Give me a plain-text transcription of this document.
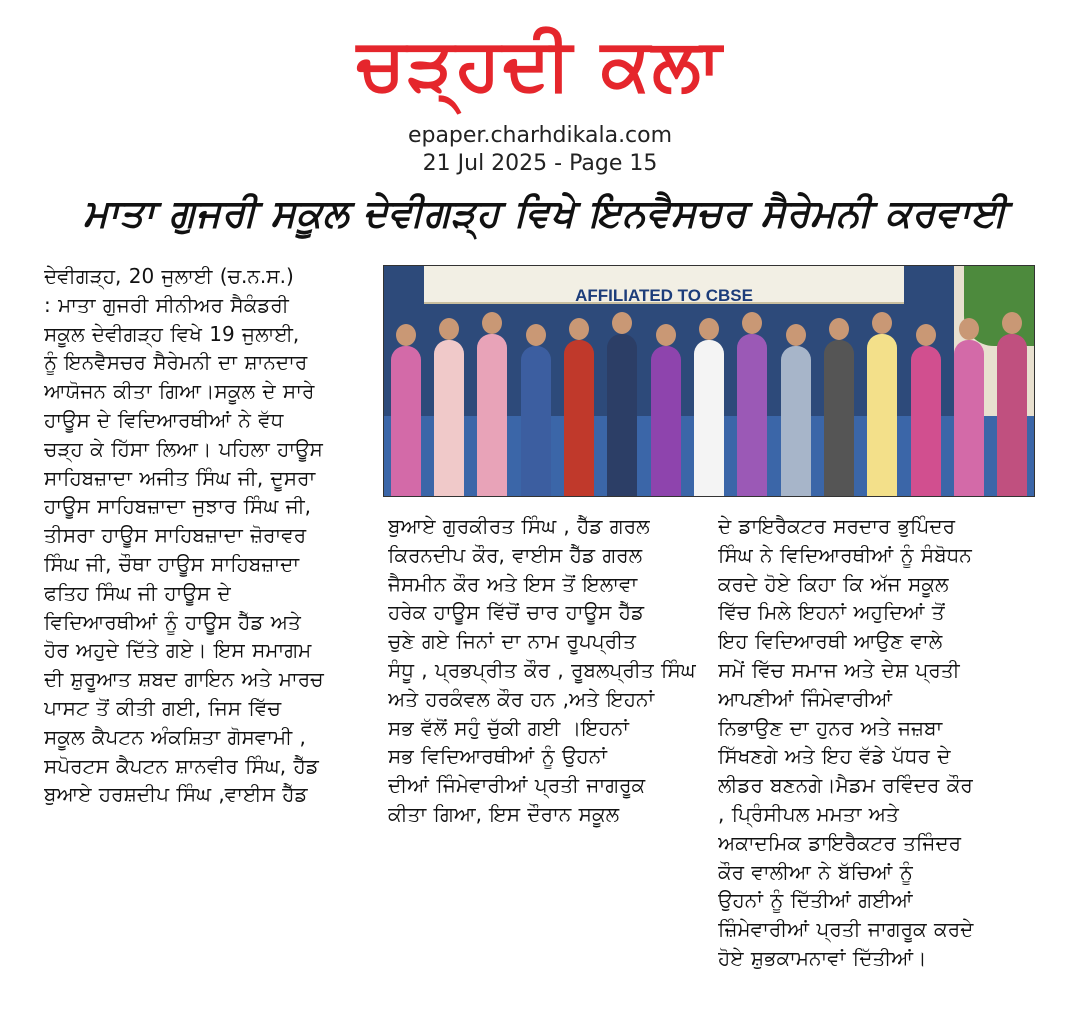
ਚੜ੍ਹਦੀ ਕਲਾ
epaper.charhdikala.com
21 Jul 2025 - Page 15
ਮਾਤਾ ਗੁਜਰੀ ਸਕੂਲ ਦੇਵੀਗੜ੍ਹ ਵਿਖੇ ਇਨਵੈਸਚਰ ਸੈਰੇਮਨੀ ਕਰਵਾਈ
ਦੇਵੀਗੜ੍ਹ, 20 ਜੁਲਾਈ (ਚ.ਨ.ਸ.)
: ਮਾਤਾ ਗੁਜਰੀ ਸੀਨੀਅਰ ਸੈਕੰਡਰੀ
ਸਕੂਲ ਦੇਵੀਗੜ੍ਹ ਵਿਖੇ 19 ਜੁਲਾਈ,
ਨੂੰ ਇਨਵੈਸਚਰ ਸੈਰੇਮਨੀ ਦਾ ਸ਼ਾਨਦਾਰ
ਆਯੋਜਨ ਕੀਤਾ ਗਿਆ।ਸਕੂਲ ਦੇ ਸਾਰੇ
ਹਾਊਸ ਦੇ ਵਿਦਿਆਰਥੀਆਂ ਨੇ ਵੱਧ
ਚੜ੍ਹ ਕੇ ਹਿੱਸਾ ਲਿਆ। ਪਹਿਲਾ ਹਾਊਸ
ਸਾਹਿਬਜ਼ਾਦਾ ਅਜੀਤ ਸਿੰਘ ਜੀ, ਦੂਸਰਾ
ਹਾਊਸ ਸਾਹਿਬਜ਼ਾਦਾ ਜੁਝਾਰ ਸਿੰਘ ਜੀ,
ਤੀਸਰਾ ਹਾਊਸ ਸਾਹਿਬਜ਼ਾਦਾ ਜ਼ੋਰਾਵਰ
ਸਿੰਘ ਜੀ, ਚੌਥਾ ਹਾਊਸ ਸਾਹਿਬਜ਼ਾਦਾ
ਫਤਿਹ ਸਿੰਘ ਜੀ ਹਾਊਸ ਦੇ
ਵਿਦਿਆਰਥੀਆਂ ਨੂੰ ਹਾਊਸ ਹੈੱਡ ਅਤੇ
ਹੋਰ ਅਹੁਦੇ ਦਿੱਤੇ ਗਏ। ਇਸ ਸਮਾਗਮ
ਦੀ ਸ਼ੁਰੂਆਤ ਸ਼ਬਦ ਗਾਇਨ ਅਤੇ ਮਾਰਚ
ਪਾਸਟ ਤੋਂ ਕੀਤੀ ਗਈ, ਜਿਸ ਵਿੱਚ
ਸਕੂਲ ਕੈਪਟਨ ਅੰਕਸ਼ਿਤਾ ਗੋਸਵਾਮੀ ,
ਸਪੋਰਟਸ ਕੈਪਟਨ ਸ਼ਾਨਵੀਰ ਸਿੰਘ, ਹੈੱਡ
ਬੁਆਏ ਹਰਸ਼ਦੀਪ ਸਿੰਘ ,ਵਾਈਸ ਹੈੱਡ
AFFILIATED TO CBSE
ਬੁਆਏ ਗੁਰਕੀਰਤ ਸਿੰਘ , ਹੈੱਡ ਗਰਲ
ਕਿਰਨਦੀਪ ਕੌਰ, ਵਾਈਸ ਹੈੱਡ ਗਰਲ
ਜੈਸਮੀਨ ਕੌਰ ਅਤੇ ਇਸ ਤੋਂ ਇਲਾਵਾ
ਹਰੇਕ ਹਾਊਸ ਵਿੱਚੋਂ ਚਾਰ ਹਾਊਸ ਹੈੱਡ
ਚੁਣੇ ਗਏ ਜਿਨਾਂ ਦਾ ਨਾਮ ਰੂਪਪ੍ਰੀਤ
ਸੰਧੂ , ਪ੍ਰਭਪ੍ਰੀਤ ਕੌਰ , ਰੂਬਲਪ੍ਰੀਤ ਸਿੰਘ
ਅਤੇ ਹਰਕੰਵਲ ਕੌਰ ਹਨ ,ਅਤੇ ਇਹਨਾਂ
ਸਭ ਵੱਲੋਂ ਸਹੁੰ ਚੁੱਕੀ ਗਈ ।ਇਹਨਾਂ
ਸਭ ਵਿਦਿਆਰਥੀਆਂ ਨੂੰ ਉਹਨਾਂ
ਦੀਆਂ ਜਿੰਮੇਵਾਰੀਆਂ ਪ੍ਰਤੀ ਜਾਗਰੂਕ
ਕੀਤਾ ਗਿਆ, ਇਸ ਦੌਰਾਨ ਸਕੂਲ
ਦੇ ਡਾਇਰੈਕਟਰ ਸਰਦਾਰ ਭੁਪਿੰਦਰ
ਸਿੰਘ ਨੇ ਵਿਦਿਆਰਥੀਆਂ ਨੂੰ ਸੰਬੋਧਨ
ਕਰਦੇ ਹੋਏ ਕਿਹਾ ਕਿ ਅੱਜ ਸਕੂਲ
ਵਿੱਚ ਮਿਲੇ ਇਹਨਾਂ ਅਹੁਦਿਆਂ ਤੋਂ
ਇਹ ਵਿਦਿਆਰਥੀ ਆਉਣ ਵਾਲੇ
ਸਮੇਂ ਵਿੱਚ ਸਮਾਜ ਅਤੇ ਦੇਸ਼ ਪ੍ਰਤੀ
ਆਪਣੀਆਂ ਜਿੰਮੇਵਾਰੀਆਂ
ਨਿਭਾਉਣ ਦਾ ਹੁਨਰ ਅਤੇ ਜਜ਼ਬਾ
ਸਿੱਖਣਗੇ ਅਤੇ ਇਹ ਵੱਡੇ ਪੱਧਰ ਦੇ
ਲੀਡਰ ਬਣਨਗੇ।ਮੈਡਮ ਰਵਿੰਦਰ ਕੌਰ
, ਪ੍ਰਿੰਸੀਪਲ ਮਮਤਾ ਅਤੇ
ਅਕਾਦਮਿਕ ਡਾਇਰੈਕਟਰ ਤਜਿੰਦਰ
ਕੌਰ ਵਾਲੀਆ ਨੇ ਬੱਚਿਆਂ ਨੂੰ
ਉਹਨਾਂ ਨੂੰ ਦਿੱਤੀਆਂ ਗਈਆਂ
ਜ਼ਿੰਮੇਵਾਰੀਆਂ ਪ੍ਰਤੀ ਜਾਗਰੂਕ ਕਰਦੇ
ਹੋਏ ਸ਼ੁਭਕਾਮਨਾਵਾਂ ਦਿੱਤੀਆਂ।
